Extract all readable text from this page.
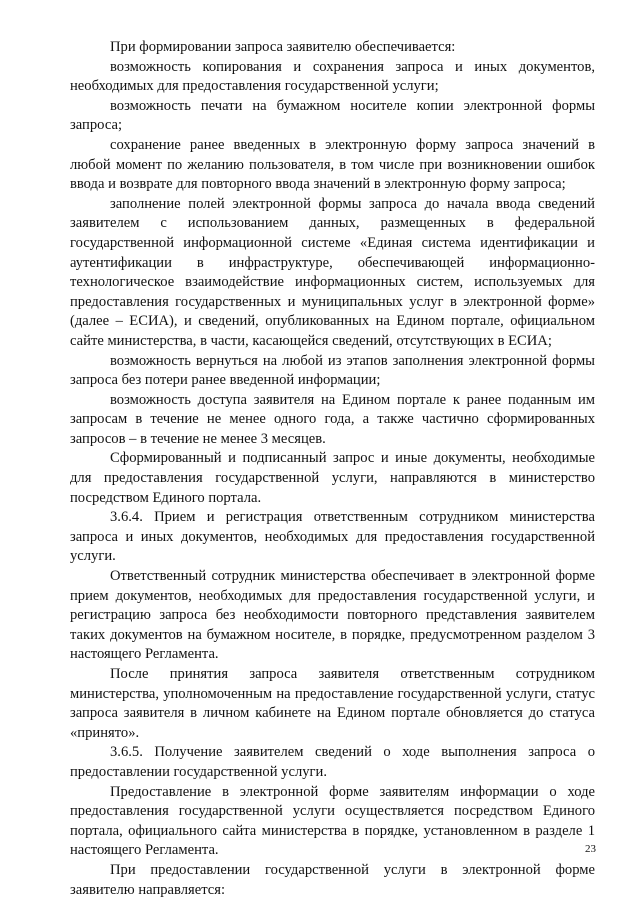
При формировании запроса заявителю обеспечивается:

возможность копирования и сохранения запроса и иных документов, необходимых для предоставления государственной услуги;

возможность печати на бумажном носителе копии электронной формы запроса;

сохранение ранее введенных в электронную форму запроса значений в любой момент по желанию пользователя, в том числе при возникновении ошибок ввода и возврате для повторного ввода значений в электронную форму запроса;

заполнение полей электронной формы запроса до начала ввода сведений заявителем с использованием данных, размещенных в федеральной государственной информационной системе «Единая система идентификации и аутентификации в инфраструктуре, обеспечивающей информационно-технологическое взаимодействие информационных систем, используемых для предоставления государственных и муниципальных услуг в электронной форме» (далее – ЕСИА), и сведений, опубликованных на Едином портале, официальном сайте министерства, в части, касающейся сведений, отсутствующих в ЕСИА;

возможность вернуться на любой из этапов заполнения электронной формы запроса без потери ранее введенной информации;

возможность доступа заявителя на Едином портале к ранее поданным им запросам в течение не менее одного года, а также частично сформированных запросов – в течение не менее 3 месяцев.

Сформированный и подписанный запрос и иные документы, необходимые для предоставления государственной услуги, направляются в министерство посредством Единого портала.

3.6.4. Прием и регистрация ответственным сотрудником министерства запроса и иных документов, необходимых для предоставления государственной услуги.

Ответственный сотрудник министерства обеспечивает в электронной форме прием документов, необходимых для предоставления государственной услуги, и регистрацию запроса без необходимости повторного представления заявителем таких документов на бумажном носителе, в порядке, предусмотренном разделом 3 настоящего Регламента.

После принятия запроса заявителя ответственным сотрудником министерства, уполномоченным на предоставление государственной услуги, статус запроса заявителя в личном кабинете на Едином портале обновляется до статуса «принято».

3.6.5. Получение заявителем сведений о ходе выполнения запроса о предоставлении государственной услуги.

Предоставление в электронной форме заявителям информации о ходе предоставления государственной услуги осуществляется посредством Единого портала, официального сайта министерства в порядке, установленном в разделе 1 настоящего Регламента.

При предоставлении государственной услуги в электронной форме заявителю направляется:

23
